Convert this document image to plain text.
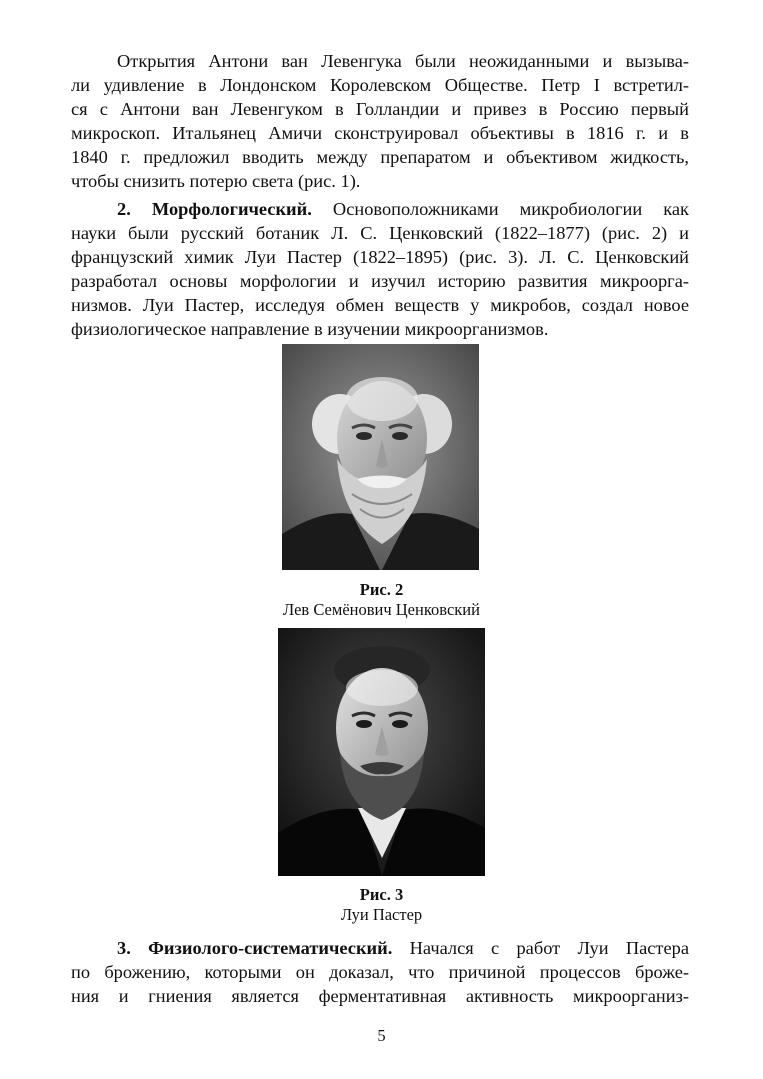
Открытия Антони ван Левенгука были неожиданными и вызыва-
ли удивление в Лондонском Королевском Обществе. Петр I встретил-
ся с Антони ван Левенгуком в Голландии и привез в Россию первый
микроскоп. Итальянец Амичи сконструировал объективы в 1816 г. и в
1840 г. предложил вводить между препаратом и объективом жидкость,
чтобы снизить потерю света (рис. 1).
2. Морфологический. Основоположниками микробиологии как
науки были русский ботаник Л. С. Ценковский (1822–1877) (рис. 2) и
французский химик Луи Пастер (1822–1895) (рис. 3). Л. С. Ценковский
разработал основы морфологии и изучил историю развития микроорга-
низмов. Луи Пастер, исследуя обмен веществ у микробов, создал новое
физиологическое направление в изучении микроорганизмов.
Рис. 2
Лев Семёнович Ценковский
Рис. 3
Луи Пастер
3. Физиолого-систематический. Начался с работ Луи Пастера
по брожению, которыми он доказал, что причиной процессов броже-
ния и гниения является ферментативная активность микроорганиз-
5
